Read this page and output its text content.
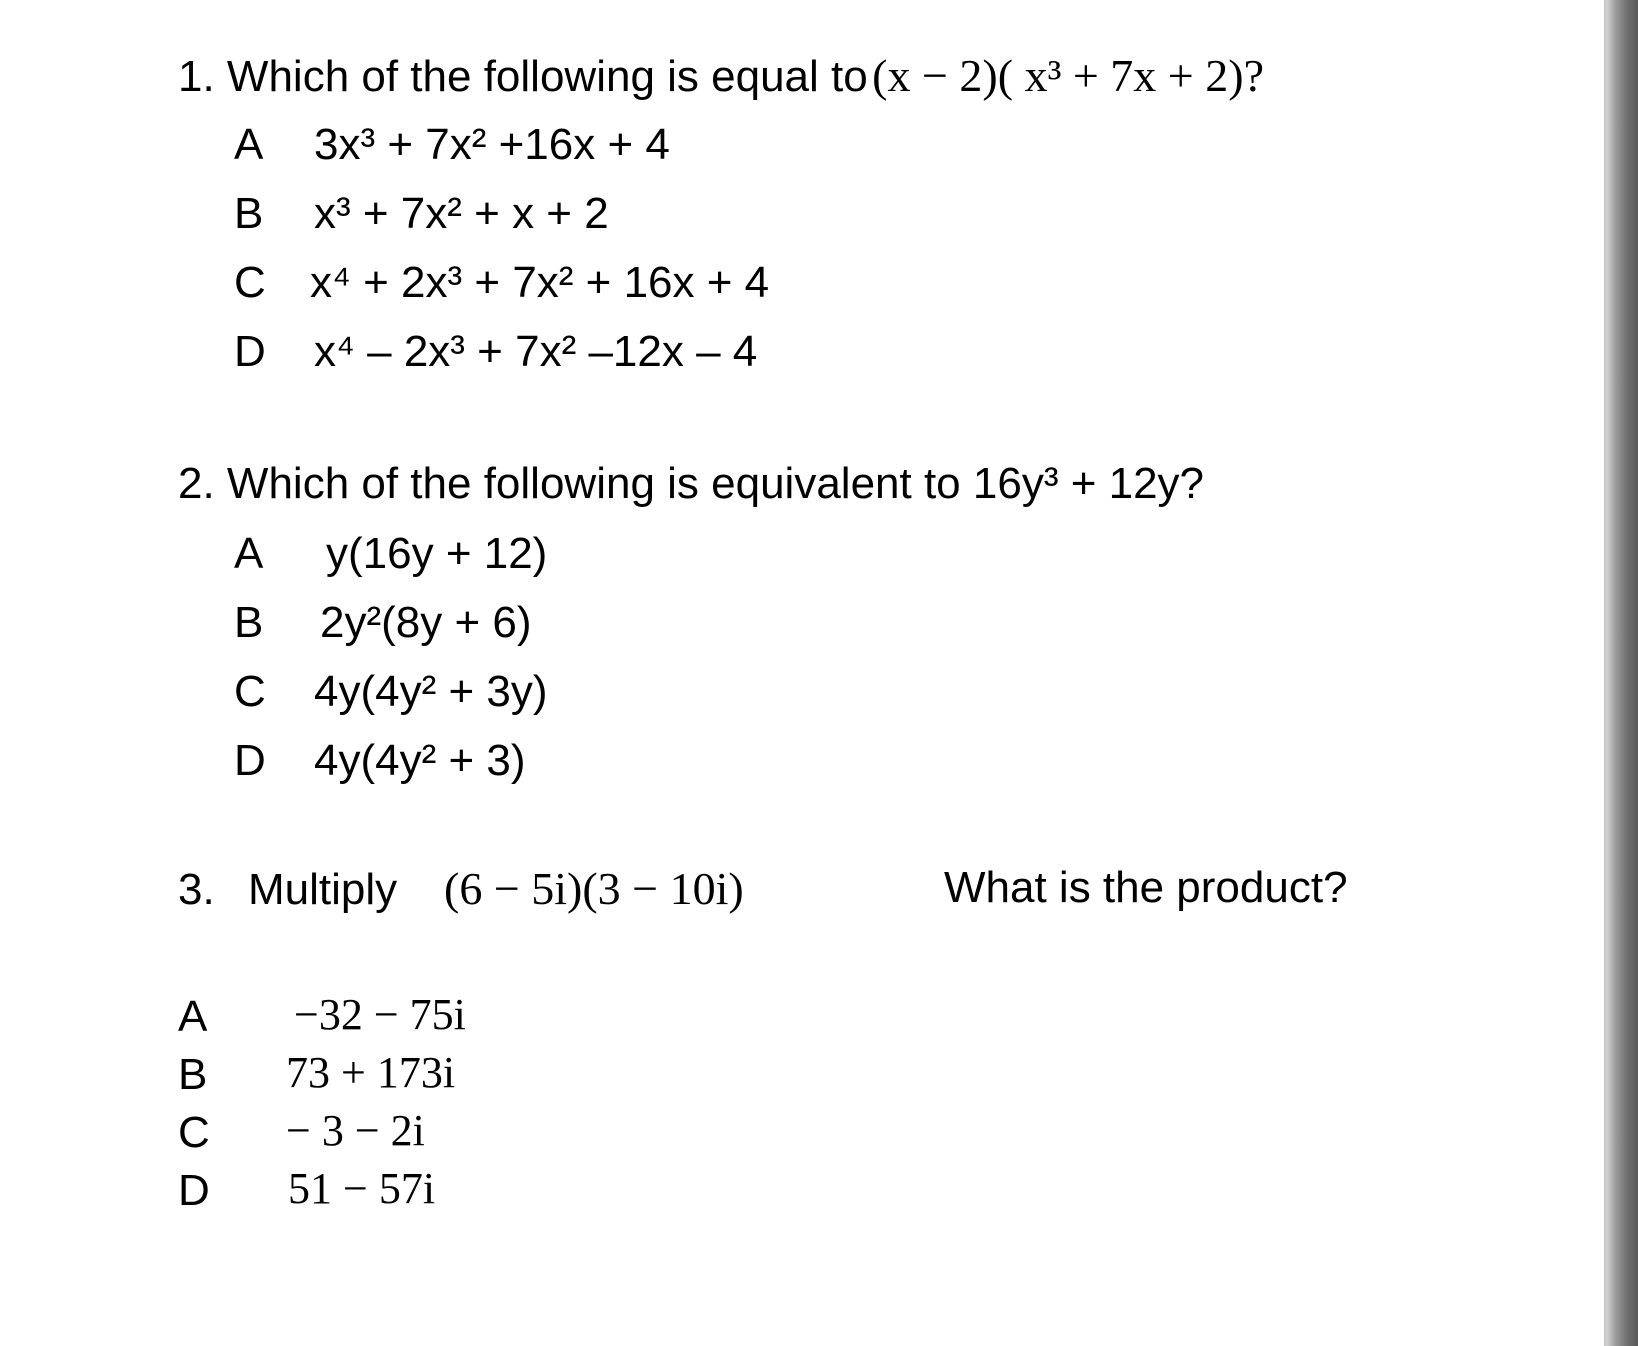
1. Which of the following is equal to (x − 2)( x³ + 7x + 2)?
A 3x³ + 7x² +16x + 4
B x³ + 7x² + x + 2
C x⁴ + 2x³ + 7x² + 16x + 4
D x⁴ – 2x³ + 7x² –12x – 4
2. Which of the following is equivalent to 16y³ + 12y?
A y(16y + 12)
B 2y²(8y + 6)
C 4y(4y² + 3y)
D 4y(4y² + 3)
3. Multiply (6 − 5i)(3 − 10i)	What is the product?
A −32 − 75i
B 73 + 173i
C − 3 − 2i
D 51 − 57i
